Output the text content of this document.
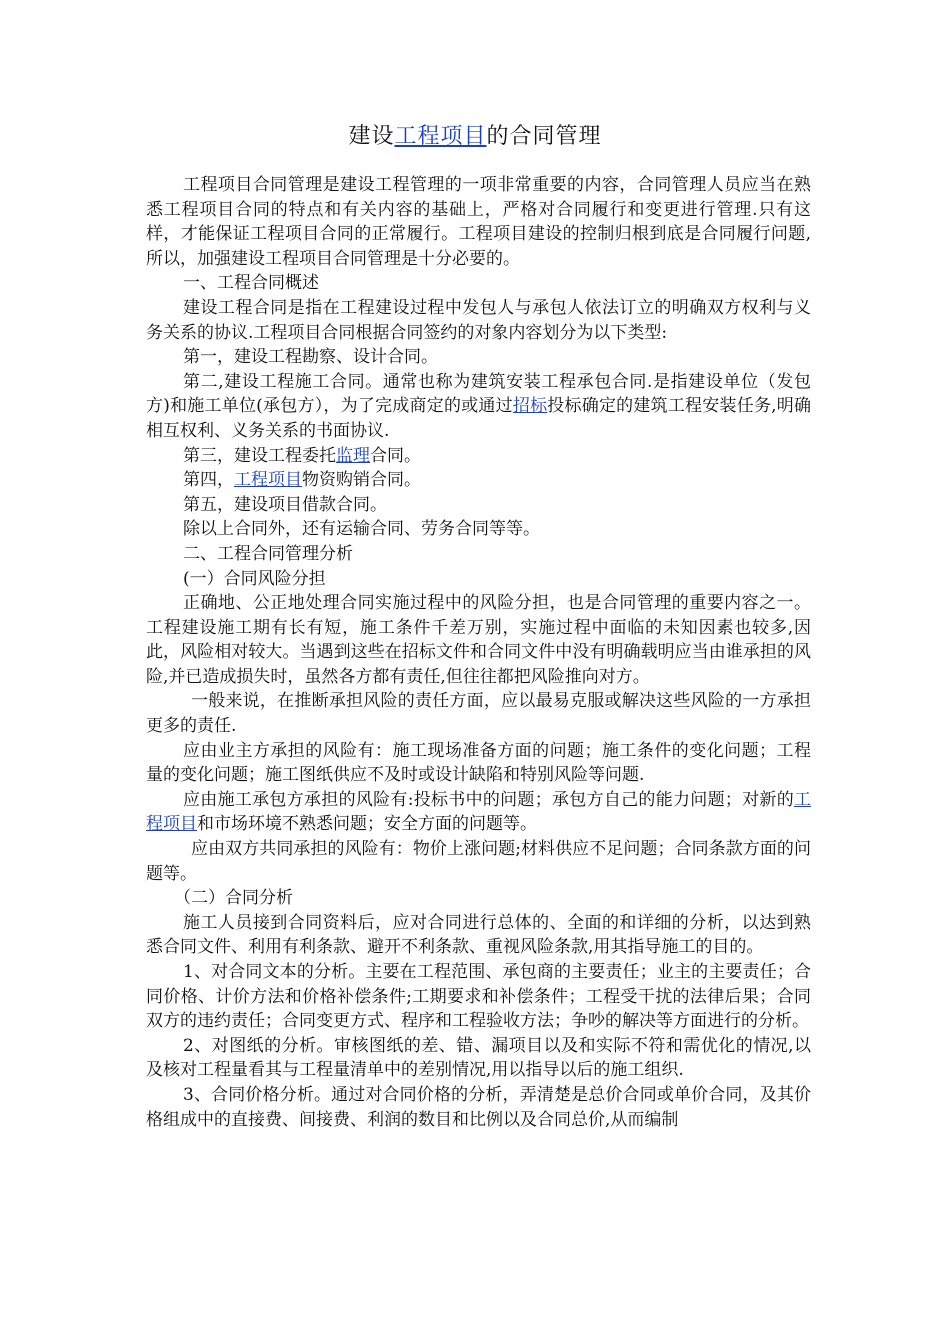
建设工程项目的合同管理

工程项目合同管理是建设工程管理的一项非常重要的内容，合同管理人员应当在熟悉工程项目合同的特点和有关内容的基础上，严格对合同履行和变更进行管理.只有这样，才能保证工程项目合同的正常履行。工程项目建设的控制归根到底是合同履行问题,所以，加强建设工程项目合同管理是十分必要的。

一、工程合同概述

建设工程合同是指在工程建设过程中发包人与承包人依法订立的明确双方权利与义务关系的协议.工程项目合同根据合同签约的对象内容划分为以下类型:

第一，建设工程勘察、设计合同。

第二,建设工程施工合同。通常也称为建筑安装工程承包合同.是指建设单位（发包方)和施工单位(承包方），为了完成商定的或通过招标投标确定的建筑工程安装任务,明确相互权利、义务关系的书面协议.

第三，建设工程委托监理合同。

第四，工程项目物资购销合同。

第五，建设项目借款合同。

除以上合同外，还有运输合同、劳务合同等等。

二、工程合同管理分析

(一）合同风险分担

正确地、公正地处理合同实施过程中的风险分担，也是合同管理的重要内容之一。工程建设施工期有长有短，施工条件千差万别，实施过程中面临的未知因素也较多,因此，风险相对较大。当遇到这些在招标文件和合同文件中没有明确载明应当由谁承担的风险,并已造成损失时，虽然各方都有责任,但往往都把风险推向对方。

一般来说，在推断承担风险的责任方面，应以最易克服或解决这些风险的一方承担更多的责任.

应由业主方承担的风险有：施工现场准备方面的问题；施工条件的变化问题；工程量的变化问题；施工图纸供应不及时或设计缺陷和特别风险等问题.

应由施工承包方承担的风险有:投标书中的问题；承包方自己的能力问题；对新的工程项目和市场环境不熟悉问题；安全方面的问题等。

应由双方共同承担的风险有：物价上涨问题;材料供应不足问题；合同条款方面的问题等。

（二）合同分析

施工人员接到合同资料后，应对合同进行总体的、全面的和详细的分析，以达到熟悉合同文件、利用有利条款、避开不利条款、重视风险条款,用其指导施工的目的。

1、对合同文本的分析。主要在工程范围、承包商的主要责任；业主的主要责任；合同价格、计价方法和价格补偿条件;工期要求和补偿条件；工程受干扰的法律后果；合同双方的违约责任；合同变更方式、程序和工程验收方法；争吵的解决等方面进行的分析。

2、对图纸的分析。审核图纸的差、错、漏项目以及和实际不符和需优化的情况,以及核对工程量看其与工程量清单中的差别情况,用以指导以后的施工组织.

3、合同价格分析。通过对合同价格的分析，弄清楚是总价合同或单价合同，及其价格组成中的直接费、间接费、利润的数目和比例以及合同总价,从而编制
